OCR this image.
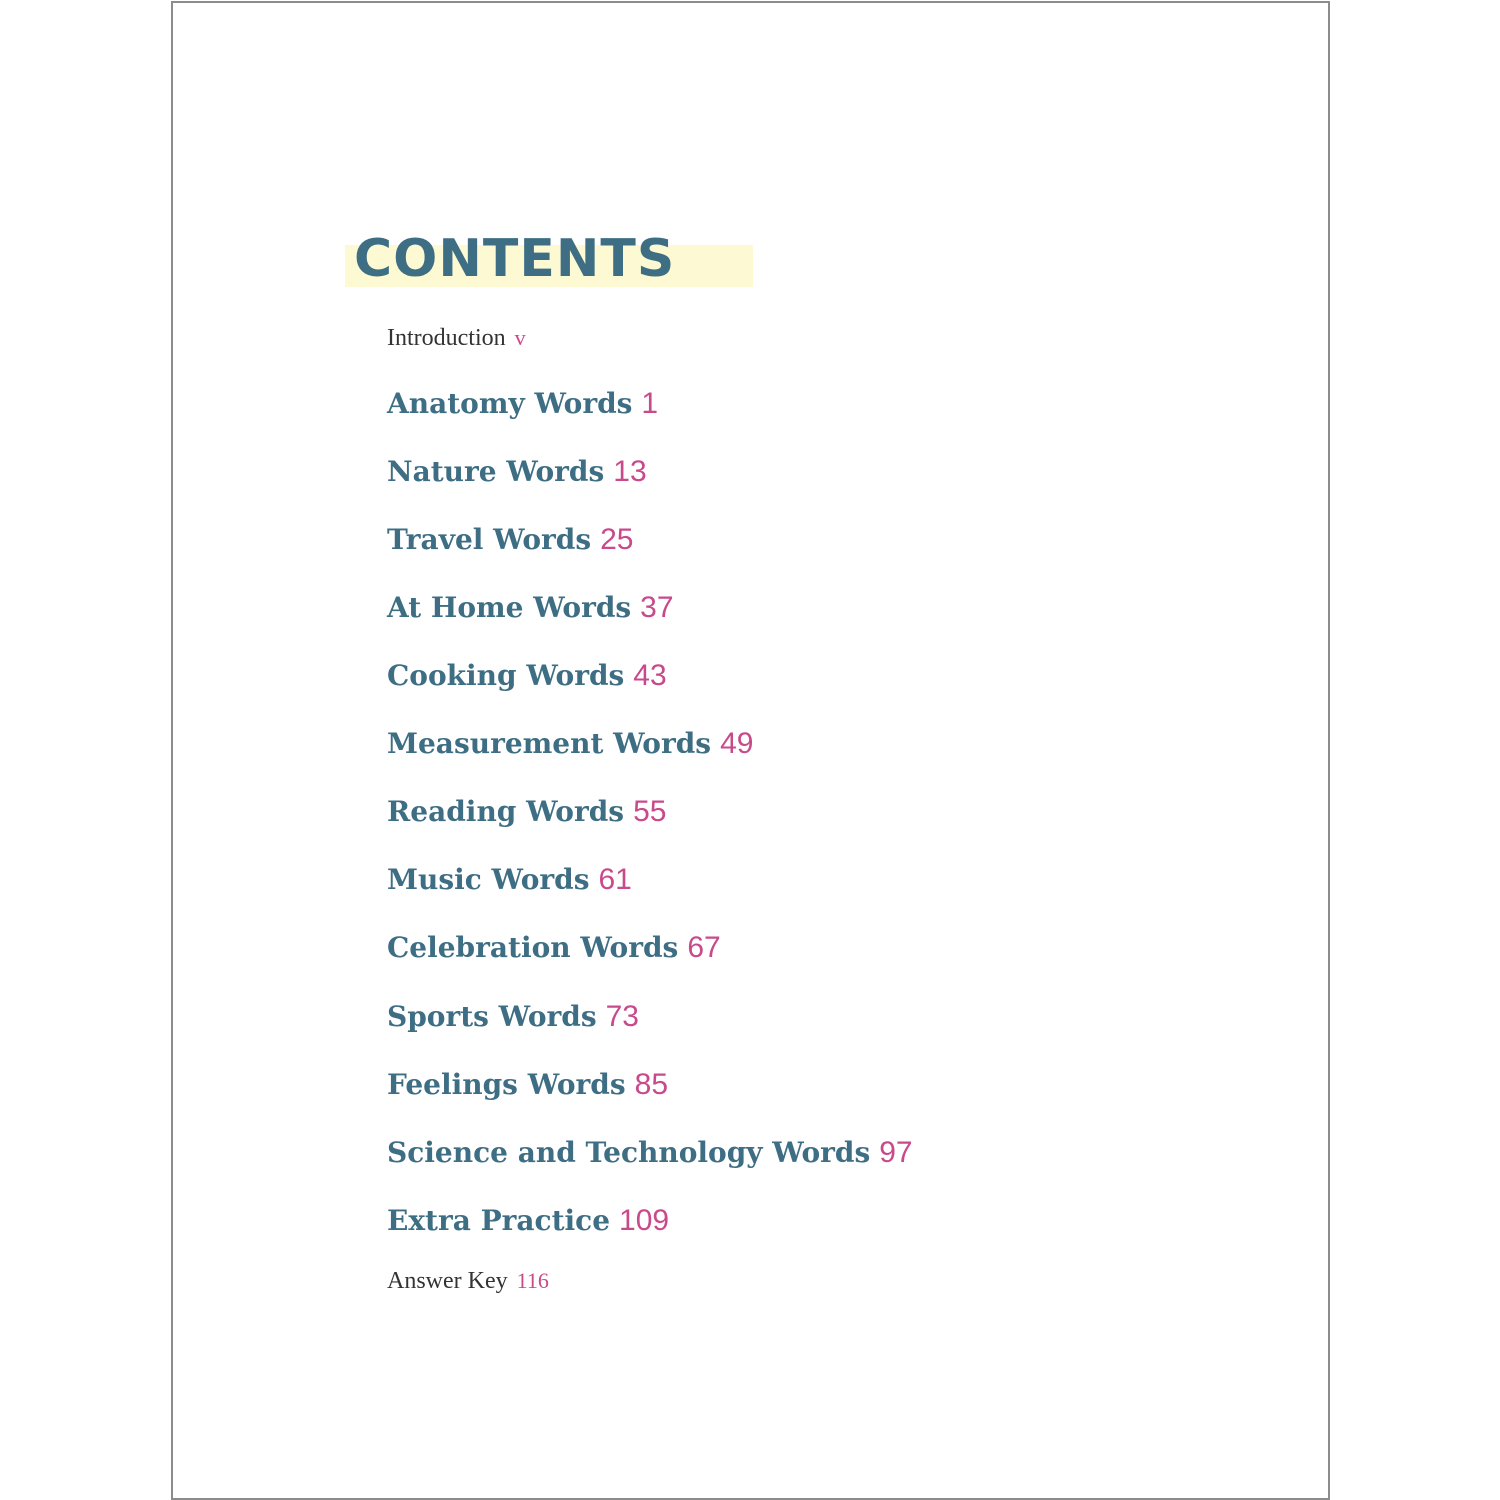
CONTENTS
Introduction v
Anatomy Words 1
Nature Words 13
Travel Words 25
At Home Words 37
Cooking Words 43
Measurement Words 49
Reading Words 55
Music Words 61
Celebration Words 67
Sports Words 73
Feelings Words 85
Science and Technology Words 97
Extra Practice 109
Answer Key 116
